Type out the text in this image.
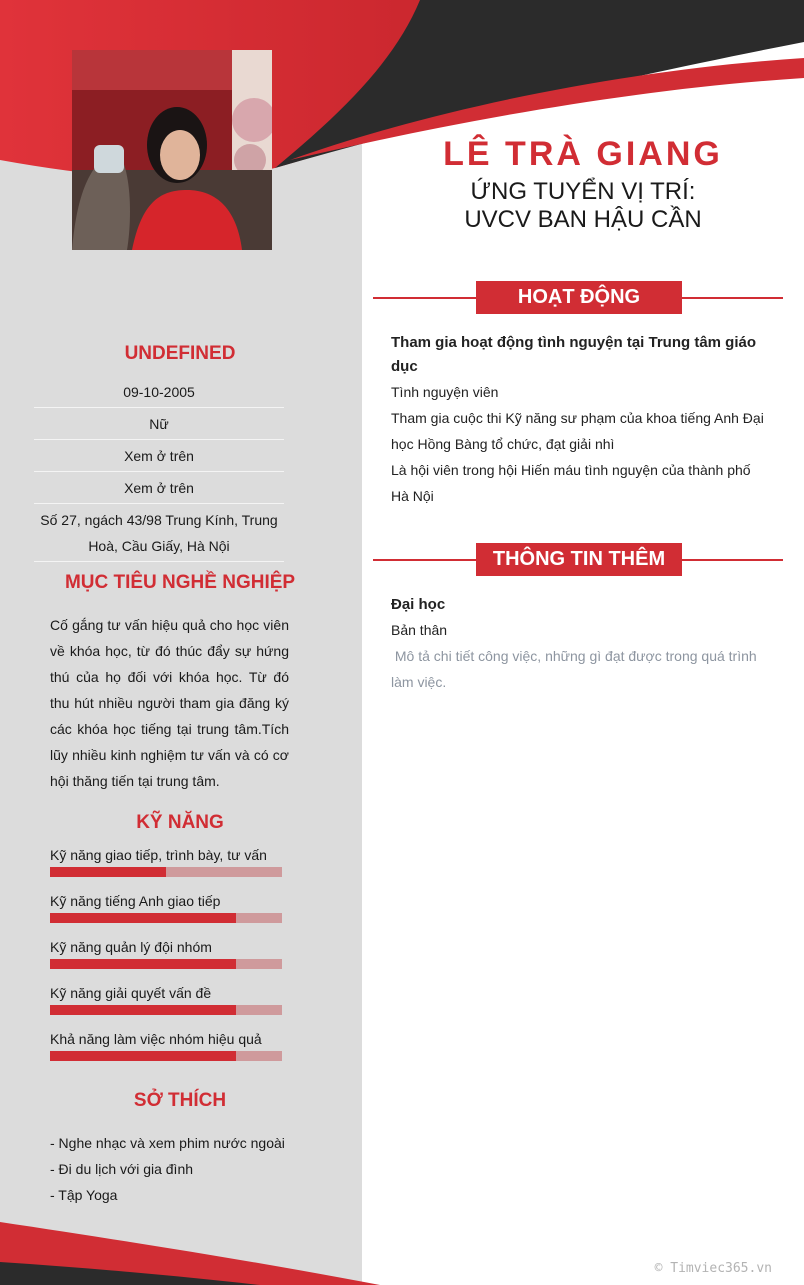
LÊ TRÀ GIANG
ỨNG TUYỂN VỊ TRÍ:
UVCV BAN HẬU CẦN
UNDEFINED
09-10-2005
Nữ
Xem ở trên
Xem ở trên
Số 27, ngách 43/98 Trung Kính, Trung Hoà, Cầu Giấy, Hà Nội
MỤC TIÊU NGHỀ NGHIỆP
Cố gắng tư vấn hiệu quả cho học viên về khóa học, từ đó thúc đẩy sự hứng thú của họ đối với khóa học. Từ đó thu hút nhiều người tham gia đăng ký các khóa học tiếng tại trung tâm.Tích lũy nhiều kinh nghiệm tư vấn và có cơ hội thăng tiến tại trung tâm.
KỸ NĂNG
Kỹ năng giao tiếp, trình bày, tư vấn
Kỹ năng tiếng Anh giao tiếp
Kỹ năng quản lý đội nhóm
Kỹ năng giải quyết vấn đề
Khả năng làm việc nhóm hiệu quả
SỞ THÍCH
- Nghe nhạc và xem phim nước ngoài
- Đi du lịch với gia đình
- Tập Yoga
HOẠT ĐỘNG
Tham gia hoạt động tình nguyện tại Trung tâm giáo dục
Tình nguyện viên
Tham gia cuộc thi Kỹ năng sư phạm của khoa tiếng Anh Đại học Hồng Bàng tổ chức, đạt giải nhì
Là hội viên trong hội Hiến máu tình nguyện của thành phố Hà Nội
THÔNG TIN THÊM
Đại học
Bản thân
Mô tả chi tiết công việc, những gì đạt được trong quá trình làm việc.
© Timviec365.vn
